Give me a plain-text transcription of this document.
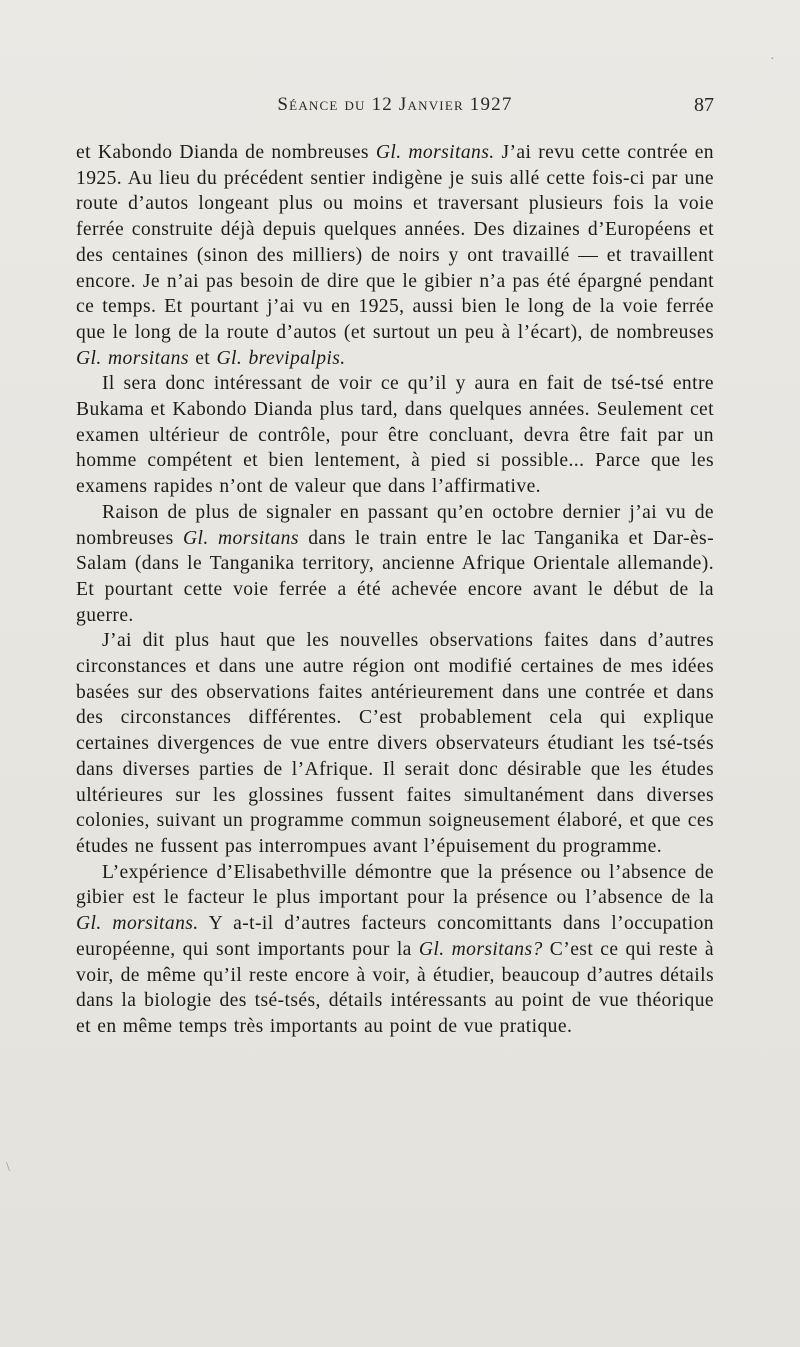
Séance du 12 Janvier 1927	87

et Kabondo Dianda de nombreuses Gl. morsitans. J’ai revu cette contrée en 1925. Au lieu du précédent sentier indigène je suis allé cette fois-ci par une route d’autos longeant plus ou moins et traversant plusieurs fois la voie ferrée construite déjà depuis quelques années. Des dizaines d’Européens et des centaines (sinon des milliers) de noirs y ont travaillé — et travaillent encore. Je n’ai pas besoin de dire que le gibier n’a pas été épargné pendant ce temps. Et pourtant j’ai vu en 1925, aussi bien le long de la voie ferrée que le long de la route d’autos (et surtout un peu à l’écart), de nombreuses Gl. morsitans et Gl. brevipalpis.

Il sera donc intéressant de voir ce qu’il y aura en fait de tsé-tsé entre Bukama et Kabondo Dianda plus tard, dans quelques années. Seulement cet examen ultérieur de contrôle, pour être concluant, devra être fait par un homme compétent et bien lentement, à pied si possible... Parce que les examens rapides n’ont de valeur que dans l’affirmative.

Raison de plus de signaler en passant qu’en octobre dernier j’ai vu de nombreuses Gl. morsitans dans le train entre le lac Tanganika et Dar-ès-Salam (dans le Tanganika territory, ancienne Afrique Orientale allemande). Et pourtant cette voie ferrée a été achevée encore avant le début de la guerre.

J’ai dit plus haut que les nouvelles observations faites dans d’autres circonstances et dans une autre région ont modifié certaines de mes idées basées sur des observations faites antérieurement dans une contrée et dans des circonstances différentes. C’est probablement cela qui explique certaines divergences de vue entre divers observateurs étudiant les tsé-tsés dans diverses parties de l’Afrique. Il serait donc désirable que les études ultérieures sur les glossines fussent faites simultanément dans diverses colonies, suivant un programme commun soigneusement élaboré, et que ces études ne fussent pas interrompues avant l’épuisement du programme.

L’expérience d’Elisabethville démontre que la présence ou l’absence de gibier est le facteur le plus important pour la présence ou l’absence de la Gl. morsitans. Y a-t-il d’autres facteurs concomittants dans l’occupation européenne, qui sont importants pour la Gl. morsitans? C’est ce qui reste à voir, de même qu’il reste encore à voir, à étudier, beaucoup d’autres détails dans la biologie des tsé-tsés, détails intéressants au point de vue théorique et en même temps très importants au point de vue pratique.

·
\
